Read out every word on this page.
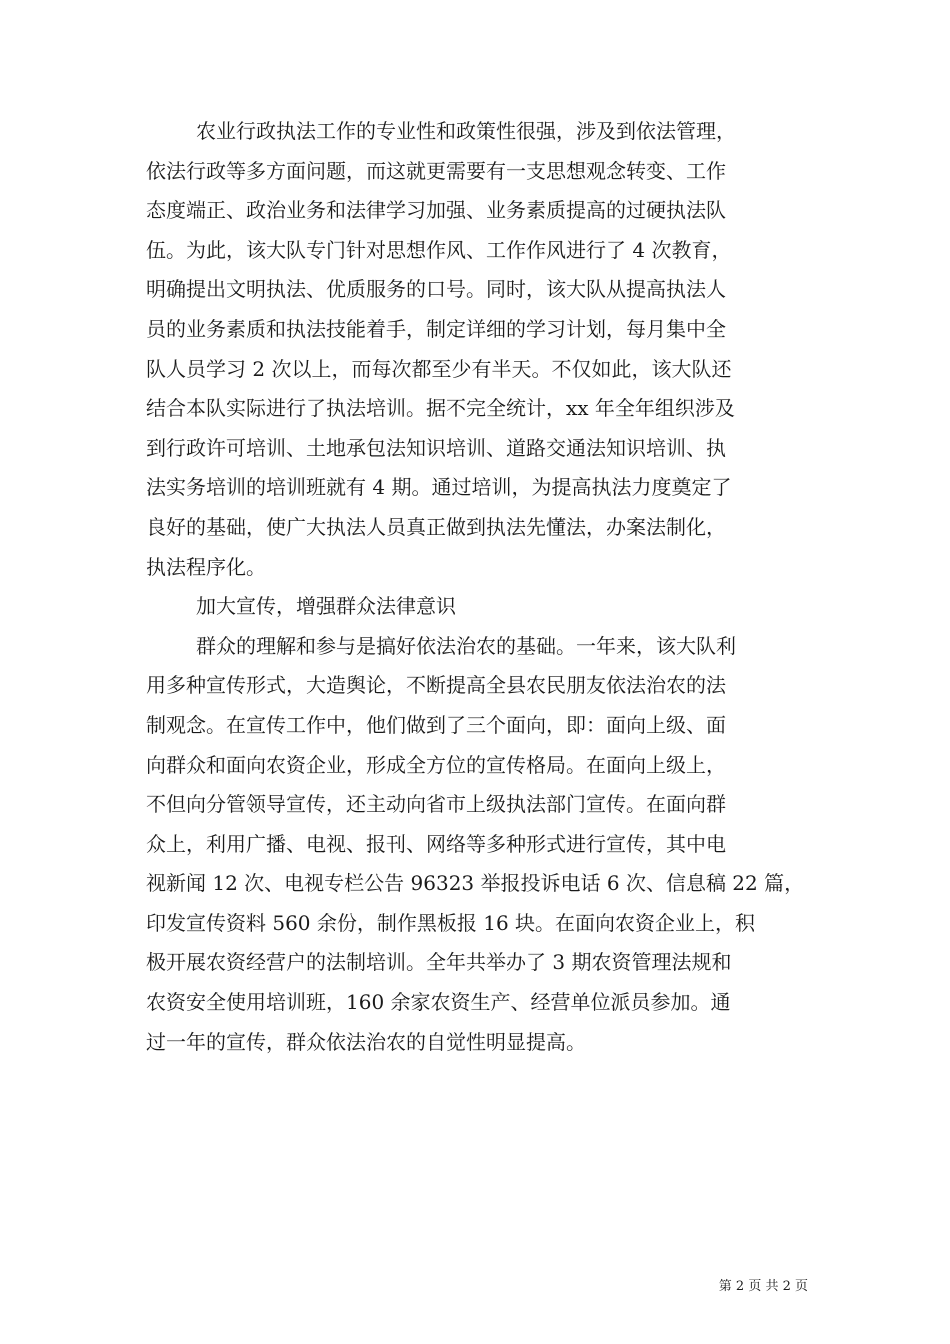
农业行政执法工作的专业性和政策性很强，涉及到依法管理，
依法行政等多方面问题，而这就更需要有一支思想观念转变、工作
态度端正、政治业务和法律学习加强、业务素质提高的过硬执法队
伍。为此，该大队专门针对思想作风、工作作风进行了 4 次教育，
明确提出文明执法、优质服务的口号。同时，该大队从提高执法人
员的业务素质和执法技能着手，制定详细的学习计划，每月集中全
队人员学习 2 次以上，而每次都至少有半天。不仅如此，该大队还
结合本队实际进行了执法培训。据不完全统计，xx 年全年组织涉及
到行政许可培训、土地承包法知识培训、道路交通法知识培训、执
法实务培训的培训班就有 4 期。通过培训，为提高执法力度奠定了
良好的基础，使广大执法人员真正做到执法先懂法，办案法制化，
执法程序化。
加大宣传，增强群众法律意识
群众的理解和参与是搞好依法治农的基础。一年来，该大队利
用多种宣传形式，大造舆论，不断提高全县农民朋友依法治农的法
制观念。在宣传工作中，他们做到了三个面向，即：面向上级、面
向群众和面向农资企业，形成全方位的宣传格局。在面向上级上，
不但向分管领导宣传，还主动向省市上级执法部门宣传。在面向群
众上，利用广播、电视、报刊、网络等多种形式进行宣传，其中电
视新闻 12 次、电视专栏公告 96323 举报投诉电话 6 次、信息稿 22 篇，
印发宣传资料 560 余份，制作黑板报 16 块。在面向农资企业上，积
极开展农资经营户的法制培训。全年共举办了 3 期农资管理法规和
农资安全使用培训班，160 余家农资生产、经营单位派员参加。通
过一年的宣传，群众依法治农的自觉性明显提高。
第 2 页 共 2 页
